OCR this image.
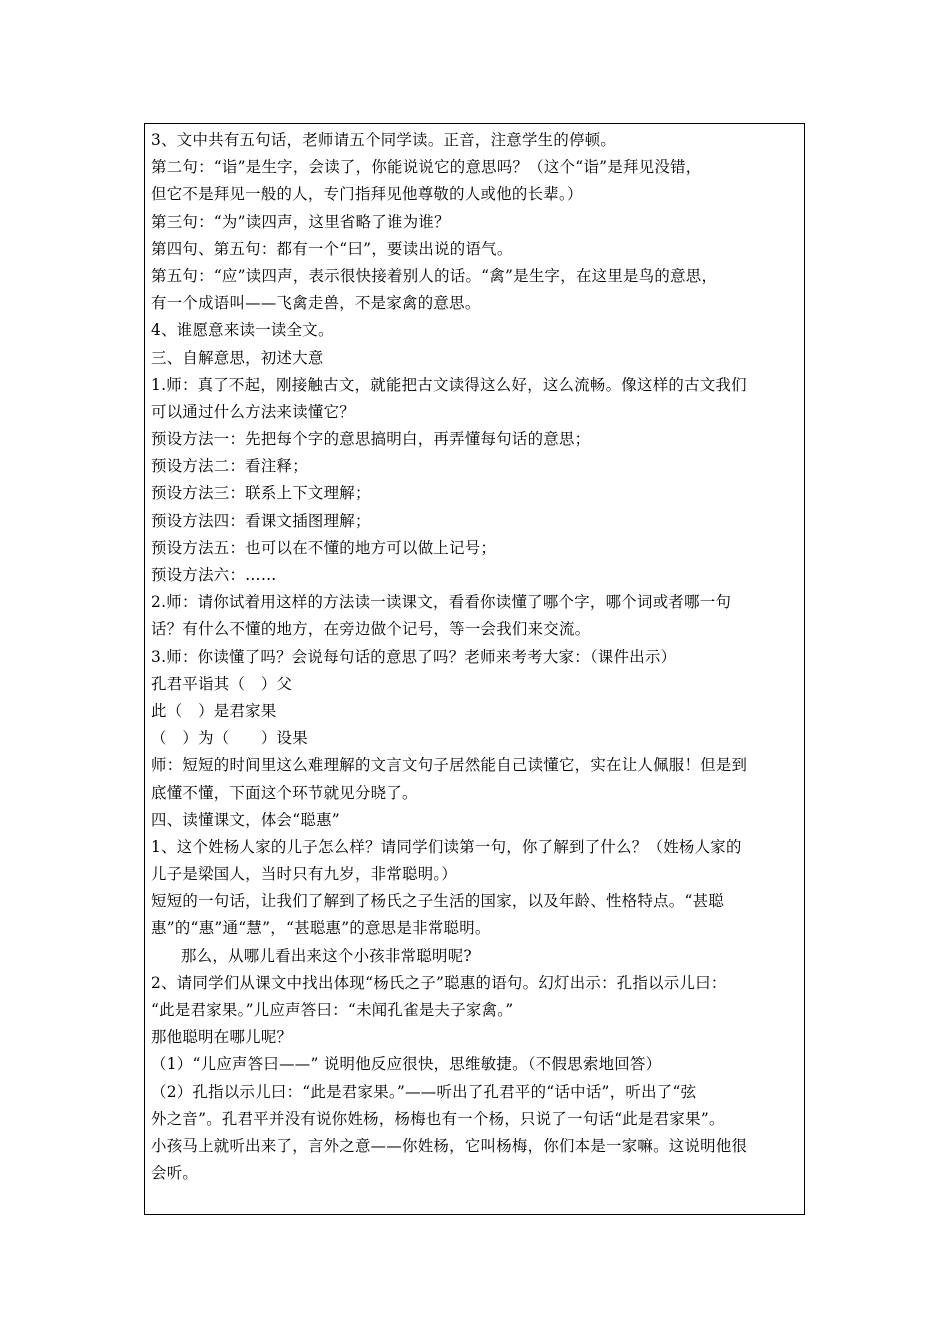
3、文中共有五句话，老师请五个同学读。正音，注意学生的停顿。
第二句：“诣”是生字，会读了，你能说说它的意思吗？（这个“诣”是拜见没错，
但它不是拜见一般的人，专门指拜见他尊敬的人或他的长辈。）
第三句：“为”读四声，这里省略了谁为谁？
第四句、第五句：都有一个“曰”，要读出说的语气。
第五句：“应”读四声，表示很快接着别人的话。“禽”是生字，在这里是鸟的意思，
有一个成语叫——飞禽走兽，不是家禽的意思。
4、谁愿意来读一读全文。
三、自解意思，初述大意
1.师：真了不起，刚接触古文，就能把古文读得这么好，这么流畅。像这样的古文我们
可以通过什么方法来读懂它？
预设方法一：先把每个字的意思搞明白，再弄懂每句话的意思；
预设方法二：看注释；
预设方法三：联系上下文理解；
预设方法四：看课文插图理解；
预设方法五：也可以在不懂的地方可以做上记号；
预设方法六：……
2.师：请你试着用这样的方法读一读课文，看看你读懂了哪个字，哪个词或者哪一句
话？有什么不懂的地方，在旁边做个记号，等一会我们来交流。
3.师：你读懂了吗？会说每句话的意思了吗？老师来考考大家：（课件出示）
孔君平诣其（　）父
此（　）是君家果
（　）为（　　）设果
师：短短的时间里这么难理解的文言文句子居然能自己读懂它，实在让人佩服！但是到
底懂不懂，下面这个环节就见分晓了。
四、读懂课文，体会“聪惠”
1、这个姓杨人家的儿子怎么样？请同学们读第一句，你了解到了什么？（姓杨人家的
儿子是梁国人，当时只有九岁，非常聪明。）
短短的一句话，让我们了解到了杨氏之子生活的国家，以及年龄、性格特点。“甚聪
惠”的“惠”通“慧”，“甚聪惠”的意思是非常聪明。
那么，从哪儿看出来这个小孩非常聪明呢?
2、请同学们从课文中找出体现“杨氏之子”聪惠的语句。幻灯出示：孔指以示儿曰：
“此是君家果。”儿应声答曰：“未闻孔雀是夫子家禽。”
那他聪明在哪儿呢？
（1）“儿应声答曰——” 说明他反应很快，思维敏捷。（不假思索地回答）
（2）孔指以示儿曰：“此是君家果。”——听出了孔君平的“话中话”，听出了“弦
外之音”。孔君平并没有说你姓杨，杨梅也有一个杨，只说了一句话“此是君家果”。
小孩马上就听出来了，言外之意——你姓杨，它叫杨梅，你们本是一家嘛。这说明他很
会听。
